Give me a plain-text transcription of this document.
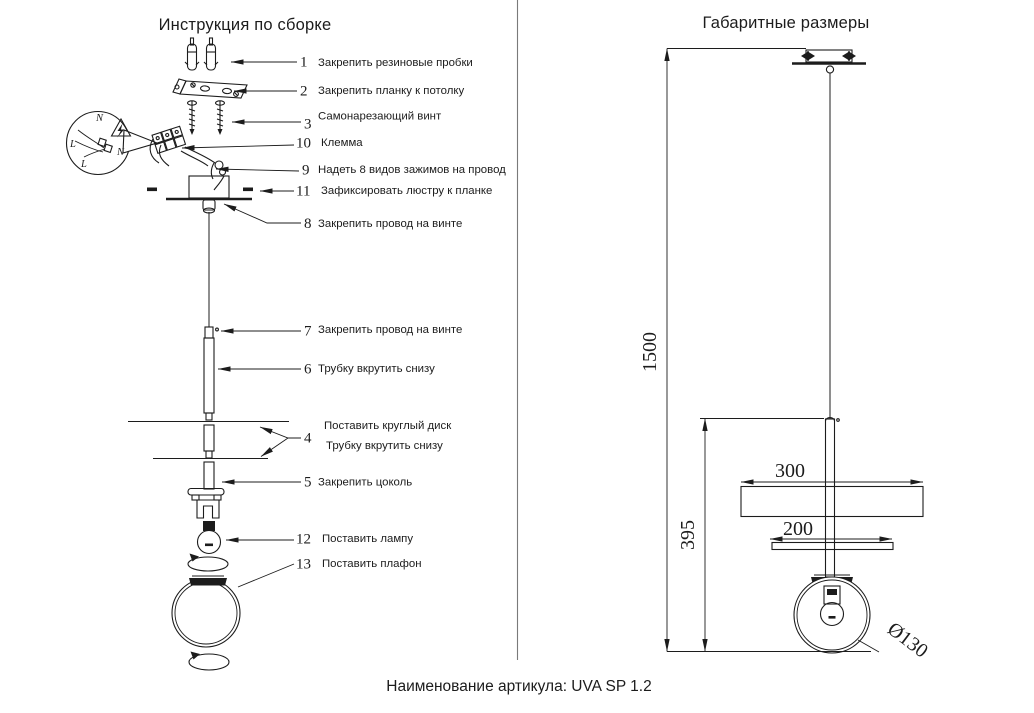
Инструкция по сборке
N
L
N
L
1 Закрепить резиновые пробки
2 Закрепить планку к потолку
3 Самонарезающий винт
10 Клемма
9 Надеть 8 видов зажимов на провод
11 Зафиксировать люстру к планке
8 Закрепить провод на винте
7 Закрепить провод на винте
6 Трубку вкрутить снизу
4
Поставить круглый диск
Трубку вкрутить снизу
5 Закрепить цоколь
12 Поставить лампу
13 Поставить плафон
Габаритные размеры
1500
395
300
200
Ø130
Наименование артикула: UVA SP 1.2
